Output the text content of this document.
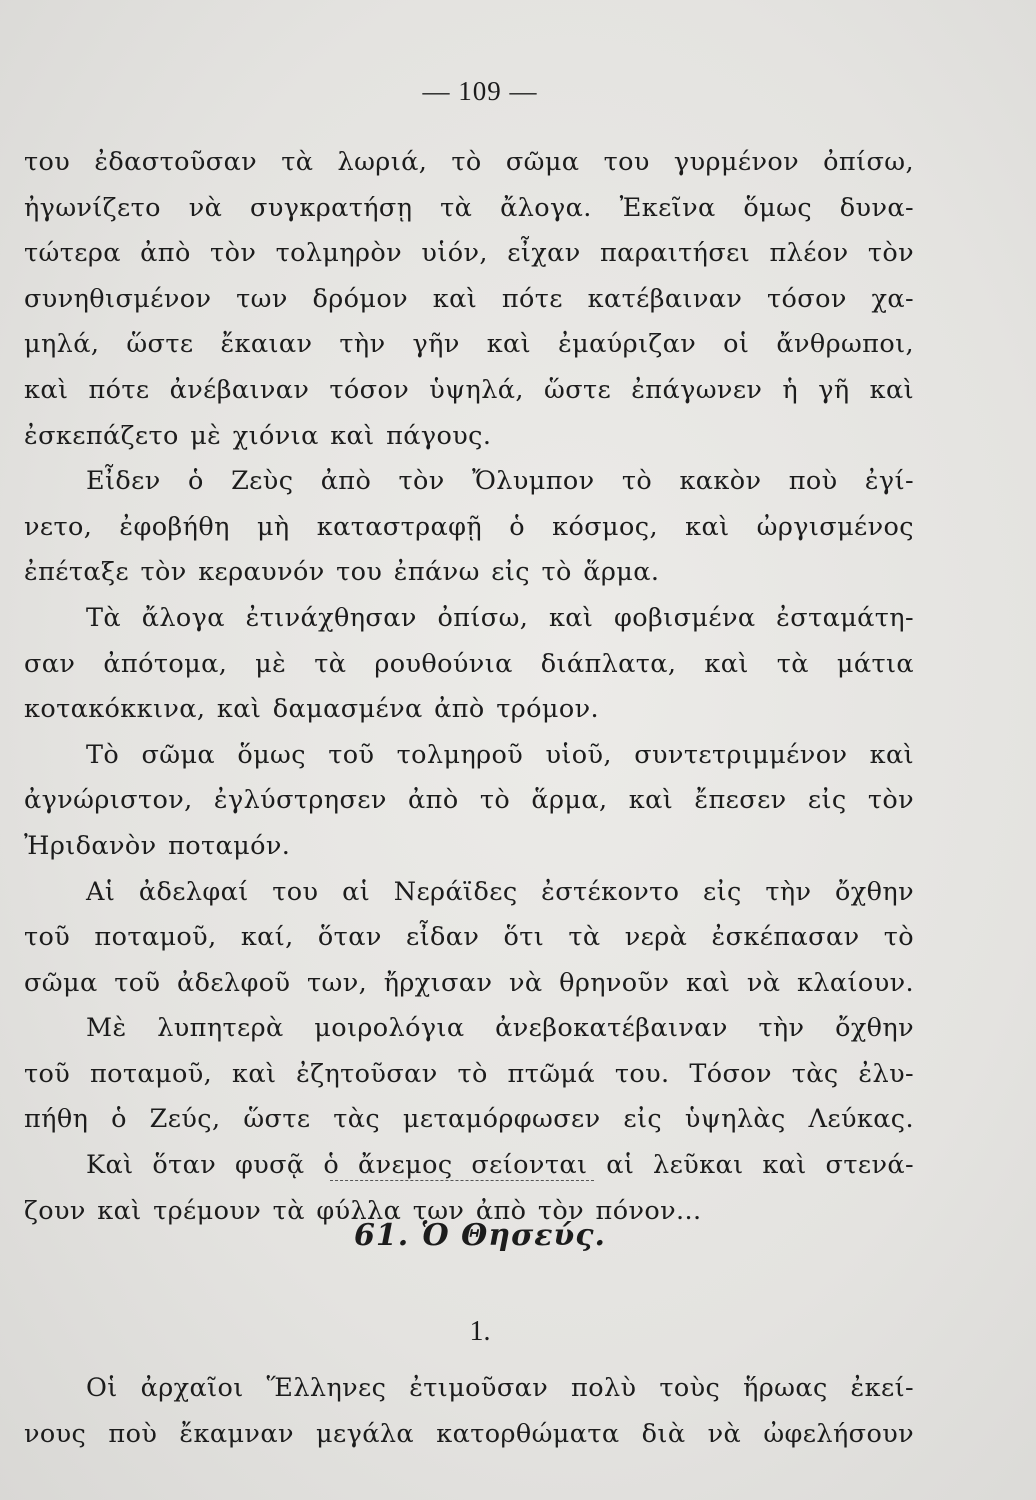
— 109 —
του ἐδαστοῦσαν τὰ λωριά, τὸ σῶμα του γυρμένον ὀπίσω,
ἠγωνίζετο νὰ συγκρατήσῃ τὰ ἄλογα. Ἐκεῖνα ὅμως δυνα-
τώτερα ἀπὸ τὸν τολμηρὸν υἱόν, εἶχαν παραιτήσει πλέον τὸν
συνηθισμένον των δρόμον καὶ πότε κατέβαιναν τόσον χα-
μηλά, ὥστε ἔκαιαν τὴν γῆν καὶ ἐμαύριζαν οἱ ἄνθρωποι,
καὶ πότε ἀνέβαιναν τόσον ὑψηλά, ὥστε ἐπάγωνεν ἡ γῆ καὶ
ἐσκεπάζετο μὲ χιόνια καὶ πάγους.
Εἶδεν ὁ Ζεὺς ἀπὸ τὸν Ὄλυμπον τὸ κακὸν ποὺ ἐγί-
νετο, ἐφοβήθη μὴ καταστραφῇ ὁ κόσμος, καὶ ὠργισμένος
ἐπέταξε τὸν κεραυνόν του ἐπάνω εἰς τὸ ἅρμα.
Τὰ ἄλογα ἐτινάχθησαν ὀπίσω, καὶ φοβισμένα ἐσταμάτη-
σαν ἀπότομα, μὲ τὰ ρουθούνια διάπλατα, καὶ τὰ μάτια
κοτακόκκινα, καὶ δαμασμένα ἀπὸ τρόμον.
Τὸ σῶμα ὅμως τοῦ τολμηροῦ υἱοῦ, συντετριμμένον καὶ
ἀγνώριστον, ἐγλύστρησεν ἀπὸ τὸ ἅρμα, καὶ ἔπεσεν εἰς τὸν
Ἠριδανὸν ποταμόν.
Αἱ ἀδελφαί του αἱ Νεράϊδες ἐστέκοντο εἰς τὴν ὄχθην
τοῦ ποταμοῦ, καί, ὅταν εἶδαν ὅτι τὰ νερὰ ἐσκέπασαν τὸ
σῶμα τοῦ ἀδελφοῦ των, ἤρχισαν νὰ θρηνοῦν καὶ νὰ κλαίουν.
Μὲ λυπητερὰ μοιρολόγια ἀνεβοκατέβαιναν τὴν ὄχθην
τοῦ ποταμοῦ, καὶ ἐζητοῦσαν τὸ πτῶμά του. Τόσον τὰς ἐλυ-
πήθη ὁ Ζεύς, ὥστε τὰς μεταμόρφωσεν εἰς ὑψηλὰς Λεύκας.
Καὶ ὅταν φυσᾷ ὁ ἄνεμος σείονται αἱ λεῦκαι καὶ στενά-
ζουν καὶ τρέμουν τὰ φύλλα των ἀπὸ τὸν πόνον...
61. Ὁ Θησεύς.
1.
Οἱ ἀρχαῖοι Ἕλληνες ἐτιμοῦσαν πολὺ τοὺς ἥρωας ἐκεί-
νους ποὺ ἔκαμναν μεγάλα κατορθώματα διὰ νὰ ὠφελήσουν
